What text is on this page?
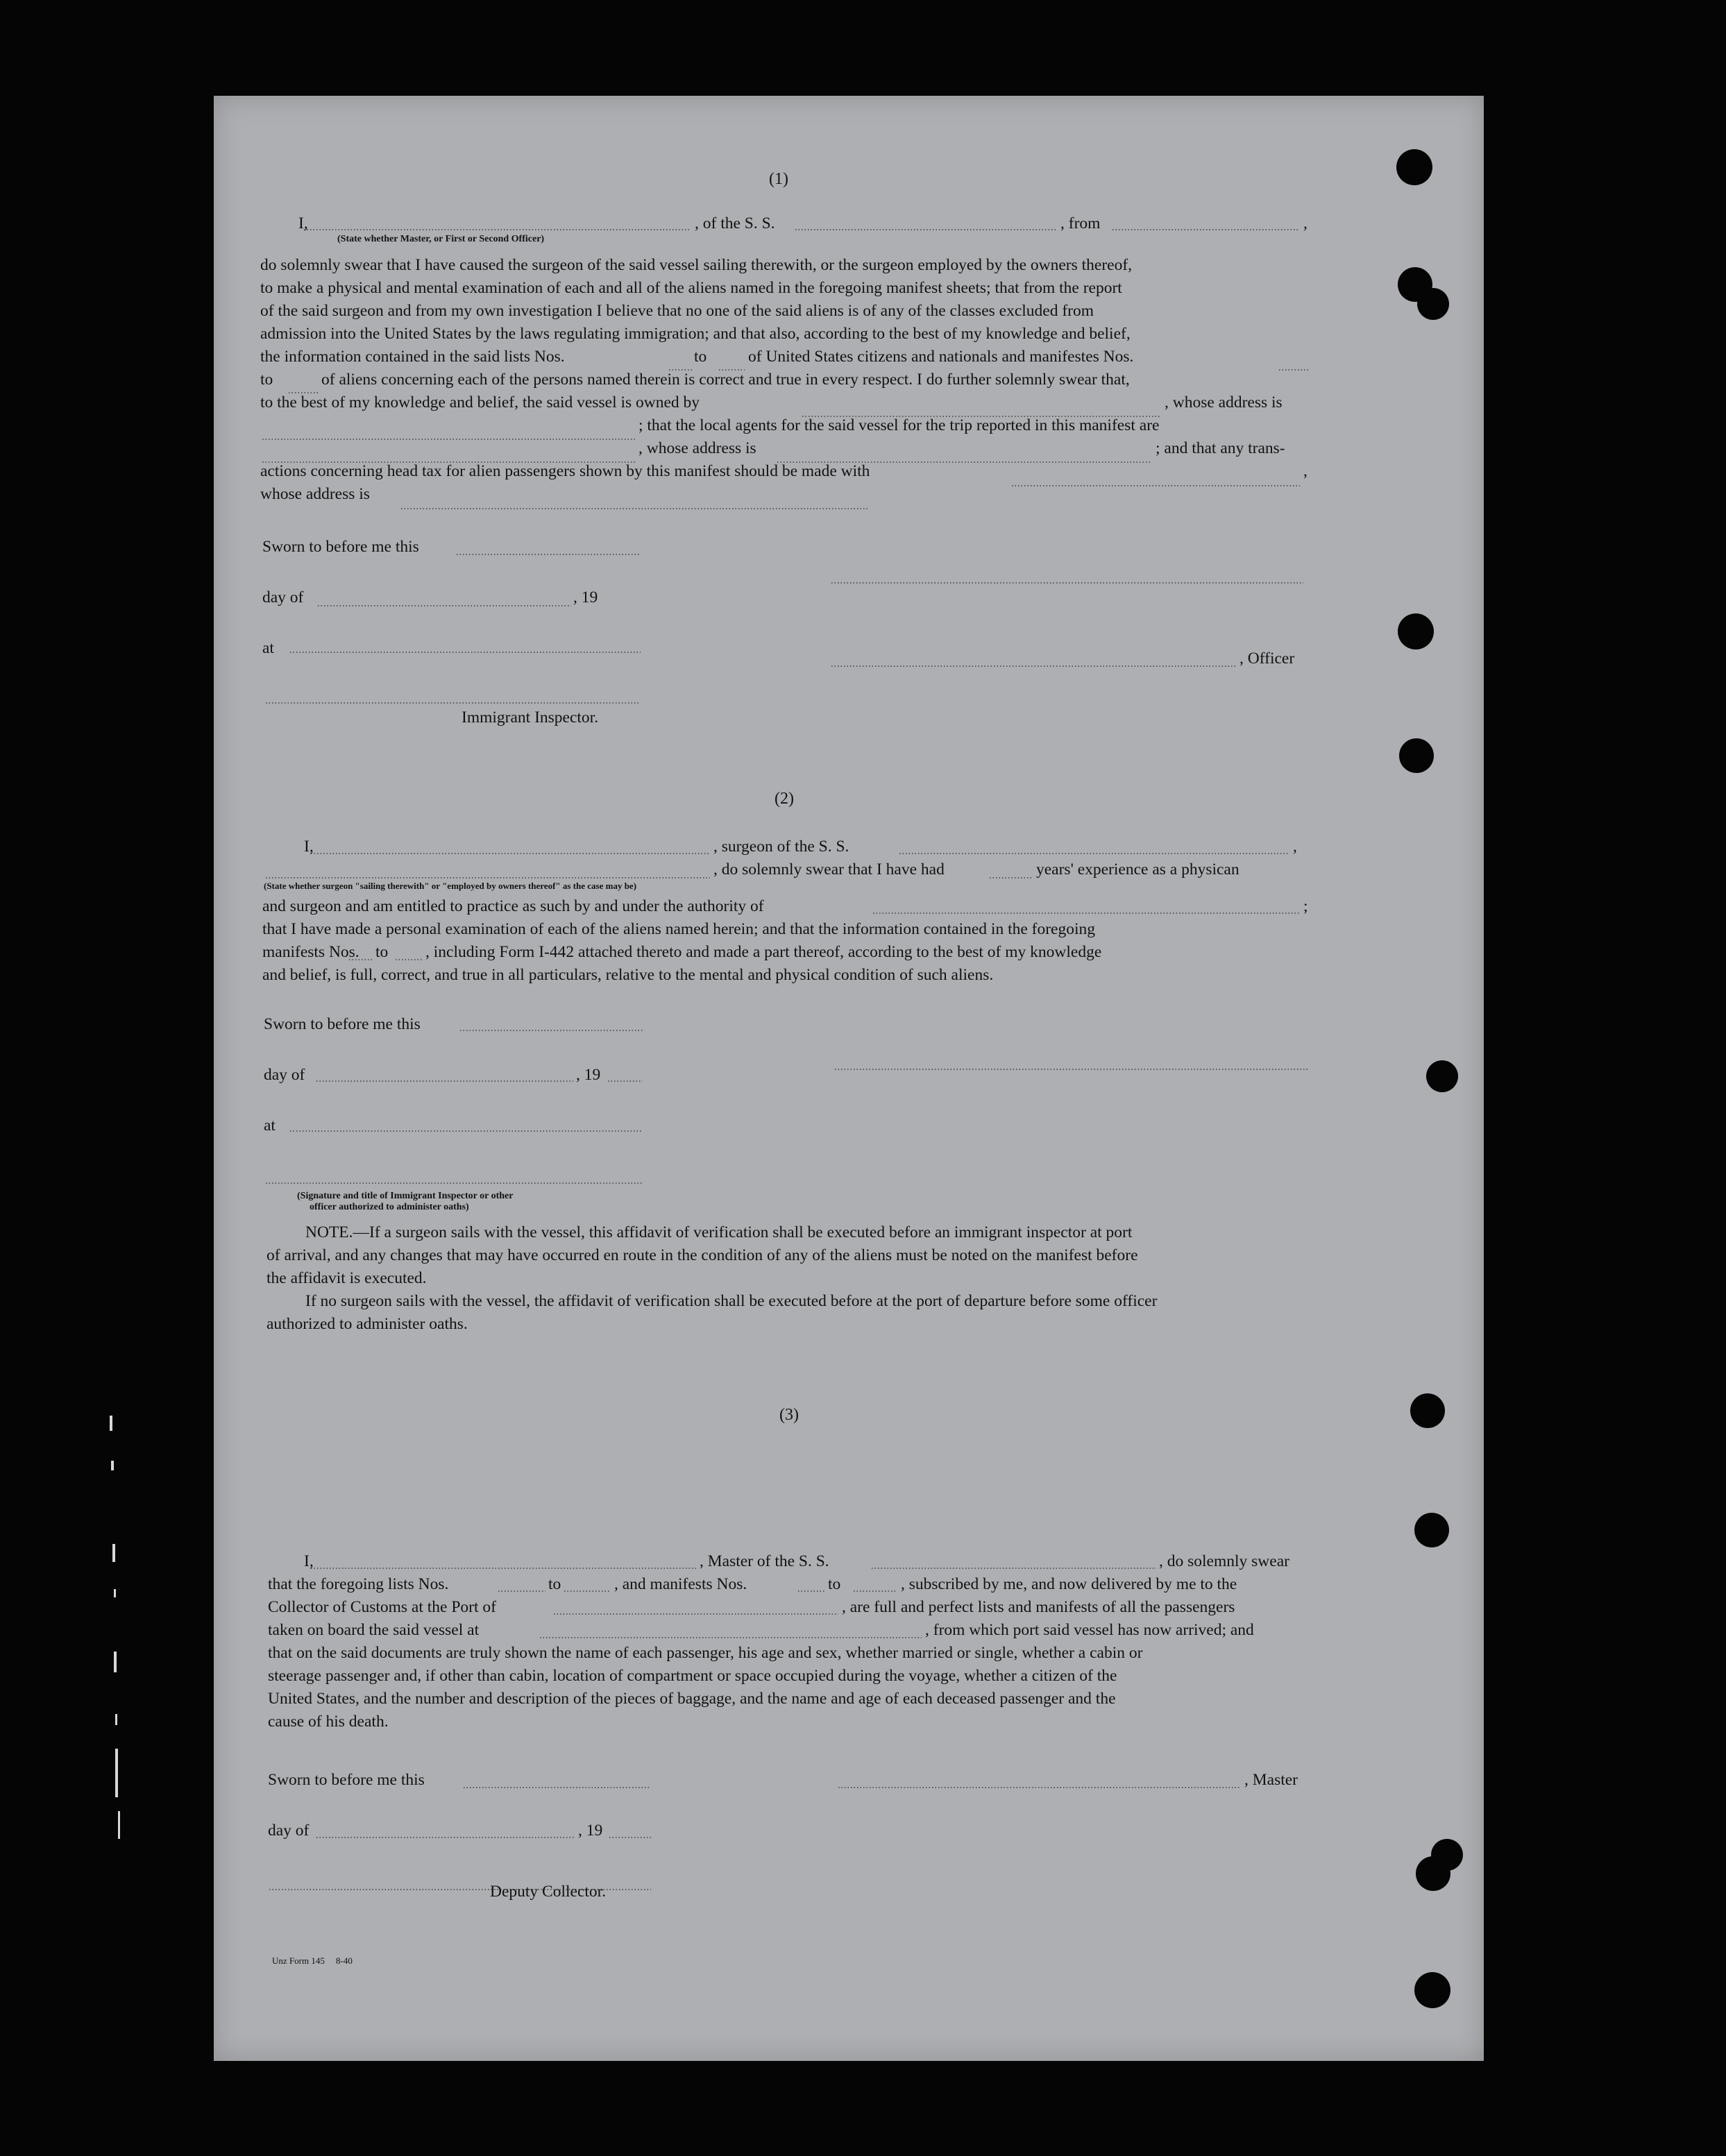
(1)
I,	, of the S. S.	, from	,
(State whether Master, or First or Second Officer)
do solemnly swear that I have caused the surgeon of the said vessel sailing therewith, or the surgeon employed by the owners thereof,
to make a physical and mental examination of each and all of the aliens named in the foregoing manifest sheets; that from the report
of the said surgeon and from my own investigation I believe that no one of the said aliens is of any of the classes excluded from
admission into the United States by the laws regulating immigration; and that also, according to the best of my knowledge and belief,
the information contained in the said lists Nos.	to	of United States citizens and nationals and manifestes Nos.
to	of aliens concerning each of the persons named therein is correct and true in every respect. I do further solemnly swear that,
to the best of my knowledge and belief, the said vessel is owned by	, whose address is
; that the local agents for the said vessel for the trip reported in this manifest are
, whose address is	; and that any trans-
actions concerning head tax for alien passengers shown by this manifest should be made with	,
whose address is
Sworn to before me this
day of	, 19
at
, Officer
Immigrant Inspector.
(2)
I,	, surgeon of the S. S.	,
, do solemnly swear that I have had	years' experience as a physican
(State whether surgeon "sailing therewith" or "employed by owners thereof" as the case may be)
and surgeon and am entitled to practice as such by and under the authority of	;
that I have made a personal examination of each of the aliens named herein; and that the information contained in the foregoing
manifests Nos. to , including Form I-442 attached thereto and made a part thereof, according to the best of my knowledge
and belief, is full, correct, and true in all particulars, relative to the mental and physical condition of such aliens.
Sworn to before me this
day of	, 19
at
(Signature and title of Immigrant Inspector or other
officer authorized to administer oaths)
NOTE.—If a surgeon sails with the vessel, this affidavit of verification shall be executed before an immigrant inspector at port
of arrival, and any changes that may have occurred en route in the condition of any of the aliens must be noted on the manifest before
the affidavit is executed.
If no surgeon sails with the vessel, the affidavit of verification shall be executed before at the port of departure before some officer
authorized to administer oaths.
(3)
I,	, Master of the S. S.	, do solemnly swear
that the foregoing lists Nos.	to	, and manifests Nos.	to	, subscribed by me, and now delivered by me to the
Collector of Customs at the Port of	, are full and perfect lists and manifests of all the passengers
taken on board the said vessel at	, from which port said vessel has now arrived; and
that on the said documents are truly shown the name of each passenger, his age and sex, whether married or single, whether a cabin or
steerage passenger and, if other than cabin, location of compartment or space occupied during the voyage, whether a citizen of the
United States, and the number and description of the pieces of baggage, and the name and age of each deceased passenger and the
cause of his death.
Sworn to before me this	, Master
day of	, 19
Deputy Collector.
Unz Form 145 8-40
